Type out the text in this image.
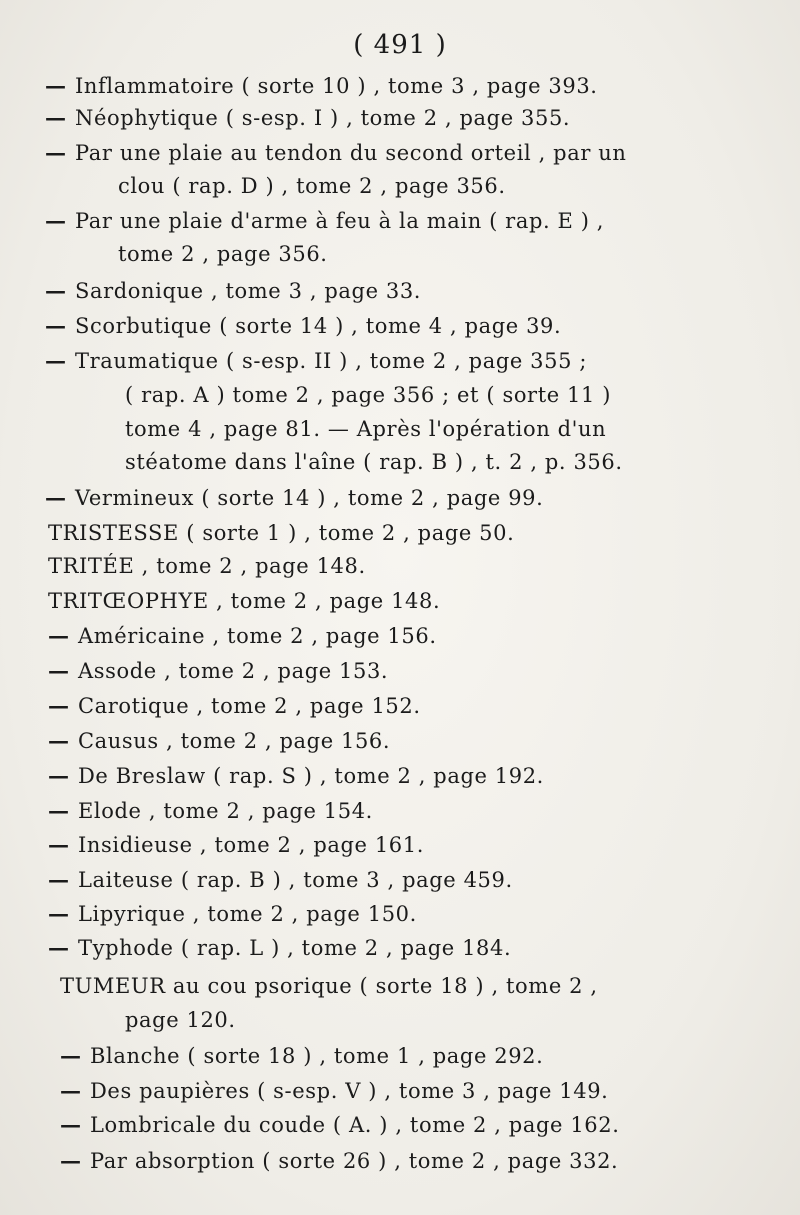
( 491 )
— Inflammatoire ( sorte 10 ) , tome 3 , page 393.
— Néophytique ( s-esp. I ) , tome 2 , page 355.
— Par une plaie au tendon du second orteil , par un
clou ( rap. D ) , tome 2 , page 356.
— Par une plaie d'arme à feu à la main ( rap. E ) ,
tome 2 , page 356.
— Sardonique , tome 3 , page 33.
— Scorbutique ( sorte 14 ) , tome 4 , page 39.
— Traumatique ( s-esp. II ) , tome 2 , page 355 ;
( rap. A ) tome 2 , page 356 ; et ( sorte 11 )
tome 4 , page 81. — Après l'opération d'un
stéatome dans l'aîne ( rap. B ) , t. 2 , p. 356.
— Vermineux ( sorte 14 ) , tome 2 , page 99.
TRISTESSE ( sorte 1 ) , tome 2 , page 50.
TRITÉE , tome 2 , page 148.
TRITŒOPHYE , tome 2 , page 148.
— Américaine , tome 2 , page 156.
— Assode , tome 2 , page 153.
— Carotique , tome 2 , page 152.
— Causus , tome 2 , page 156.
— De Breslaw ( rap. S ) , tome 2 , page 192.
— Elode , tome 2 , page 154.
— Insidieuse , tome 2 , page 161.
— Laiteuse ( rap. B ) , tome 3 , page 459.
— Lipyrique , tome 2 , page 150.
— Typhode ( rap. L ) , tome 2 , page 184.
TUMEUR au cou psorique ( sorte 18 ) , tome 2 ,
page 120.
— Blanche ( sorte 18 ) , tome 1 , page 292.
— Des paupières ( s-esp. V ) , tome 3 , page 149.
— Lombricale du coude ( A. ) , tome 2 , page 162.
— Par absorption ( sorte 26 ) , tome 2 , page 332.
